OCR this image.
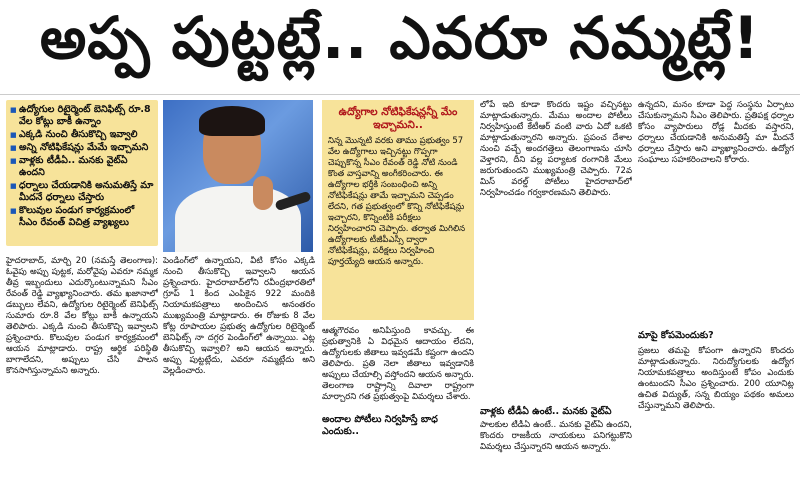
అప్ప పుట్టట్లే.. ఎవరూ నమ్మట్లే!
■ ఉద్యోగుల రిటైర్మెంట్ బెనిఫిట్స్ రూ.8 వేల కోట్లు బాకీ ఉన్నాం
■ ఎక్కడి నుంచి తీసుకొచ్చి ఇవ్వాలి
■ అన్ని నోటిఫికేషన్లు మేమే ఇచ్చామని
■ వాళ్లకు టీడీఏ.. మనకు వైట్‌ఏ ఉందని
■ ధర్నాలు చేయడానికి అనుమతిస్తే మా మీదనే ధర్నాలు చేస్తారు
■ కొలువుల పండుగ కార్యక్రమంలో సీఎం రేవంత్ విచిత్ర వ్యాఖ్యలు
ఉద్యోగాల నోటిఫికేషన్లన్నీ మేం ఇచ్చామని..
నిన్న మొన్నటి వరకు తాము ప్రభుత్వం 57 వేల ఉద్యోగాలు ఇచ్చినట్టు గొప్పగా చెప్పుకొన్న సీఎం రేవంత్ రెడ్డి నోటి నుండి కొంత వాస్తవాన్ని అంగీకరించారు. ఈ ఉద్యోగాల భర్తీకి సంబంధించి అన్ని నోటిఫికేషన్లు తామే ఇచ్చామని చెప్పడం లేదని, గత ప్రభుత్వంలో కొన్ని నోటిఫికేషన్లు ఇచ్చారని, కొన్నింటికి పరీక్షలు నిర్వహించారని చెప్పారు. తర్వాత మిగిలిన ఉద్యోగాలకు టీజీపీఎస్సీ ద్వారా నోటిఫికేషన్లు, పరీక్షలు నిర్వహించి పూర్తయ్యేది ఆయన అన్నారు.

హైదరాబాద్, మార్చి 20 (నమస్తే తెలంగాణ): ఓవైపు అప్పు పుట్టక, మరోవైపు ఎవరూ నమ్మక తీవ్ర ఇబ్బందులు ఎదుర్కొంటున్నామని సీఎం రేవంత్ రెడ్డి వ్యాఖ్యానించారు. తమ ఖజానాలో డబ్బులు లేవని, ఉద్యోగుల రిటైర్మెంట్ బెనిఫిట్స్ సుమారు రూ.8 వేల కోట్లు బాకీ ఉన్నాయని తెలిపారు. ఎక్కడి నుంచి తీసుకొచ్చి ఇవ్వాలని ప్రశ్నించారు. కొలువుల పండుగ కార్యక్రమంలో ఆయన మాట్లాడారు. రాష్ట్ర ఆర్థిక పరిస్థితి బాగాలేదని, అప్పులు చేసి పాలన కొనసాగిస్తున్నామని అన్నారు.

పెండింగ్‌లో ఉన్నాయని, వీటి కోసం ఎక్కడి నుంచి తీసుకొచ్చి ఇవ్వాలని ఆయన ప్రశ్నించారు. హైదరాబాద్‌లోని రవీంద్రభారతిలో గ్రూప్ 1 కింద ఎంపికైన 922 మందికి నియామకపత్రాలు అందించిన అనంతరం ముఖ్యమంత్రి మాట్లాడారు. ఈ రోజుకు 8 వేల కోట్ల రూపాయల ప్రభుత్వ ఉద్యోగుల రిటైర్మెంట్ బెనిఫిట్స్ నా దగ్గర పెండింగ్‌లో ఉన్నాయి. ఎట్ల తీసుకొచ్చి ఇవ్వాలి? అని ఆయన అన్నారు. అప్పు పుట్టట్లేదు, ఎవరూ నమ్మట్లేదు అని వెల్లడించారు.

ఆత్మగౌరవం అనిపిస్తుంది కావచ్చు. ఈ ప్రభుత్వానికి ఏ విధమైన ఆదాయం లేదని, ఉద్యోగులకు జీతాలు ఇవ్వడమే కష్టంగా ఉందని తెలిపారు. ప్రతి నెలా జీతాలు ఇవ్వడానికి అప్పులు చేయాల్సి వస్తోందని ఆయన అన్నారు. తెలంగాణ రాష్ట్రాన్ని దివాలా రాష్ట్రంగా మార్చారని గత ప్రభుత్వంపై విమర్శలు చేశారు.

అందాల పోటీలు నిర్వహిస్తే బాధ ఎందుకు..

లోపే ఇది కూడా కొందరు ఇష్టం వచ్చినట్టు మాట్లాడుతున్నారు. మేము అందాల పోటీలు నిర్వహిస్తుంటే కేటీఆర్ వంటి వారు ఏదో ఒకటి మాట్లాడుతున్నారని అన్నారు. ప్రపంచ దేశాల నుంచి వచ్చే అందగత్తెలు తెలంగాణను చూసి వెళ్తారని, దీని వల్ల పర్యాటక రంగానికి మేలు జరుగుతుందని ముఖ్యమంత్రి చెప్పారు. 72వ మిస్ వరల్డ్ పోటీలు హైదరాబాద్‌లో నిర్వహించడం గర్వకారణమని తెలిపారు.

వాళ్లకు టీడీఏ ఉంటే.. మనకు వైట్‌ఏ

పాలకుల టీడీఏ ఉంటే.. మనకు వైట్‌ఏ ఉందని, కొందరు రాజకీయ నాయకులు పనిగట్టుకొని విమర్శలు చేస్తున్నారని ఆయన అన్నారు.

ఉన్నదని, మనం కూడా పెద్ద సంస్థను ఏర్పాటు చేసుకున్నామని సీఎం తెలిపారు. ప్రతిపక్ష ధర్నాల కోసం వ్యాపారులు రోడ్ల మీదకు వస్తారని, ధర్నాలు చేయడానికి అనుమతిస్తే మా మీదనే ధర్నాలు చేస్తారు అని వ్యాఖ్యానించారు. ఉద్యోగ సంఘాలు సహకరించాలని కోరారు.

మాపై కోపమెందుకు?

ప్రజలు తమపై కోపంగా ఉన్నారని కొందరు మాట్లాడుతున్నారు. నిరుద్యోగులకు ఉద్యోగ నియామకపత్రాలు అందిస్తుంటే కోపం ఎందుకు ఉంటుందని సీఎం ప్రశ్నించారు. 200 యూనిట్ల ఉచిత విద్యుత్, సన్న బియ్యం పథకం అమలు చేస్తున్నామని తెలిపారు.
